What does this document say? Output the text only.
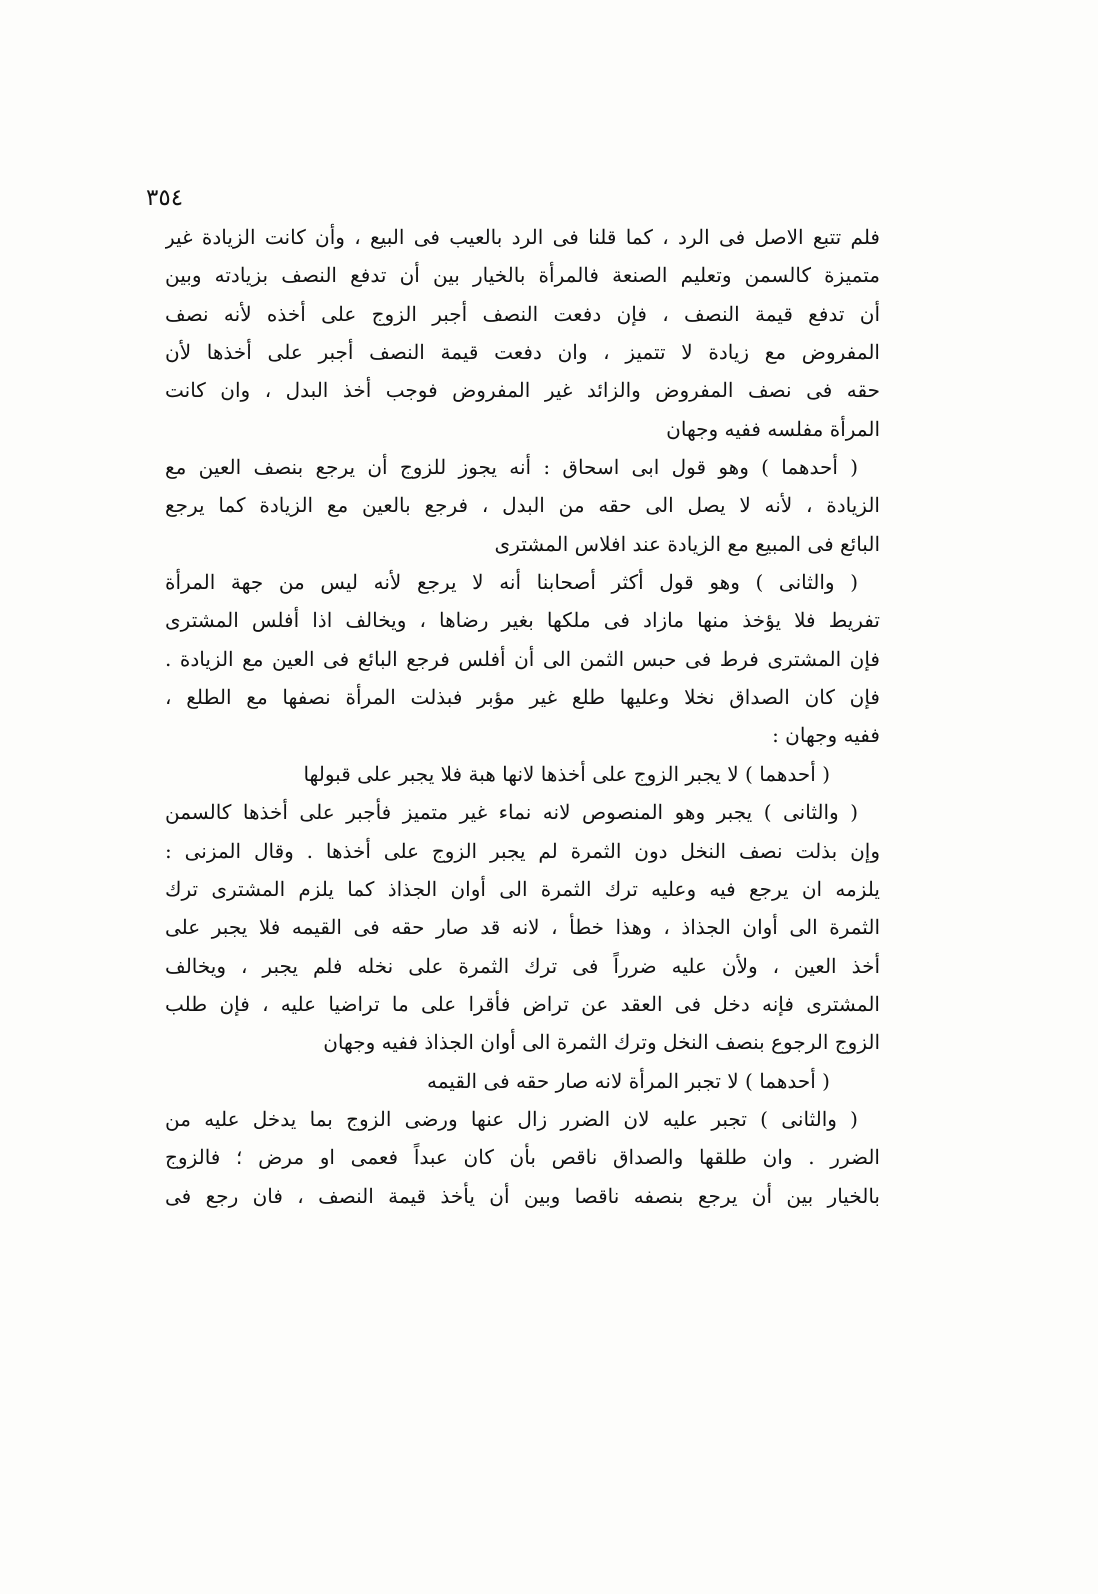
٣٥٤
فلم تتبع الاصل فى الرد ، كما قلنا فى الرد بالعيب فى البيع ، وأن كانت الزيادة غير
متميزة كالسمن وتعليم الصنعة فالمرأة بالخيار بين أن تدفع النصف بزيادته وبين
أن تدفع قيمة النصف ، فإن دفعت النصف أجبر الزوج على أخذه لأنه نصف
المفروض مع زيادة لا تتميز ، وان دفعت قيمة النصف أجبر على أخذها لأن
حقه فى نصف المفروض والزائد غير المفروض فوجب أخذ البدل ، وان كانت
المرأة مفلسه ففيه وجهان
( أحدهما ) وهو قول ابى اسحاق : أنه يجوز للزوج أن يرجع بنصف العين مع
الزيادة ، لأنه لا يصل الى حقه من البدل ، فرجع بالعين مع الزيادة كما يرجع
البائع فى المبيع مع الزيادة عند افلاس المشترى
( والثانى ) وهو قول أكثر أصحابنا أنه لا يرجع لأنه ليس من جهة المرأة
تفريط فلا يؤخذ منها مازاد فى ملكها بغير رضاها ، ويخالف اذا أفلس المشترى
فإن المشترى فرط فى حبس الثمن الى أن أفلس فرجع البائع فى العين مع الزيادة .
فإن كان الصداق نخلا وعليها طلع غير مؤبر فبذلت المرأة نصفها مع الطلع ،
ففيه وجهان :
( أحدهما ) لا يجبر الزوج على أخذها لانها هبة فلا يجبر على قبولها
( والثانى ) يجبر وهو المنصوص لانه نماء غير متميز فأجبر على أخذها كالسمن
وإن بذلت نصف النخل دون الثمرة لم يجبر الزوج على أخذها . وقال المزنى :
يلزمه ان يرجع فيه وعليه ترك الثمرة الى أوان الجذاذ كما يلزم المشترى ترك
الثمرة الى أوان الجذاذ ، وهذا خطأ ، لانه قد صار حقه فى القيمه فلا يجبر على
أخذ العين ، ولأن عليه ضرراً فى ترك الثمرة على نخله فلم يجبر ، ويخالف
المشترى فإنه دخل فى العقد عن تراض فأقرا على ما تراضيا عليه ، فإن طلب
الزوج الرجوع بنصف النخل وترك الثمرة الى أوان الجذاذ ففيه وجهان
( أحدهما ) لا تجبر المرأة لانه صار حقه فى القيمه
( والثانى ) تجبر عليه لان الضرر زال عنها ورضى الزوج بما يدخل عليه من
الضرر . وان طلقها والصداق ناقص بأن كان عبداً فعمى او مرض ؛ فالزوج
بالخيار بين أن يرجع بنصفه ناقصا وبين أن يأخذ قيمة النصف ، فان رجع فى
